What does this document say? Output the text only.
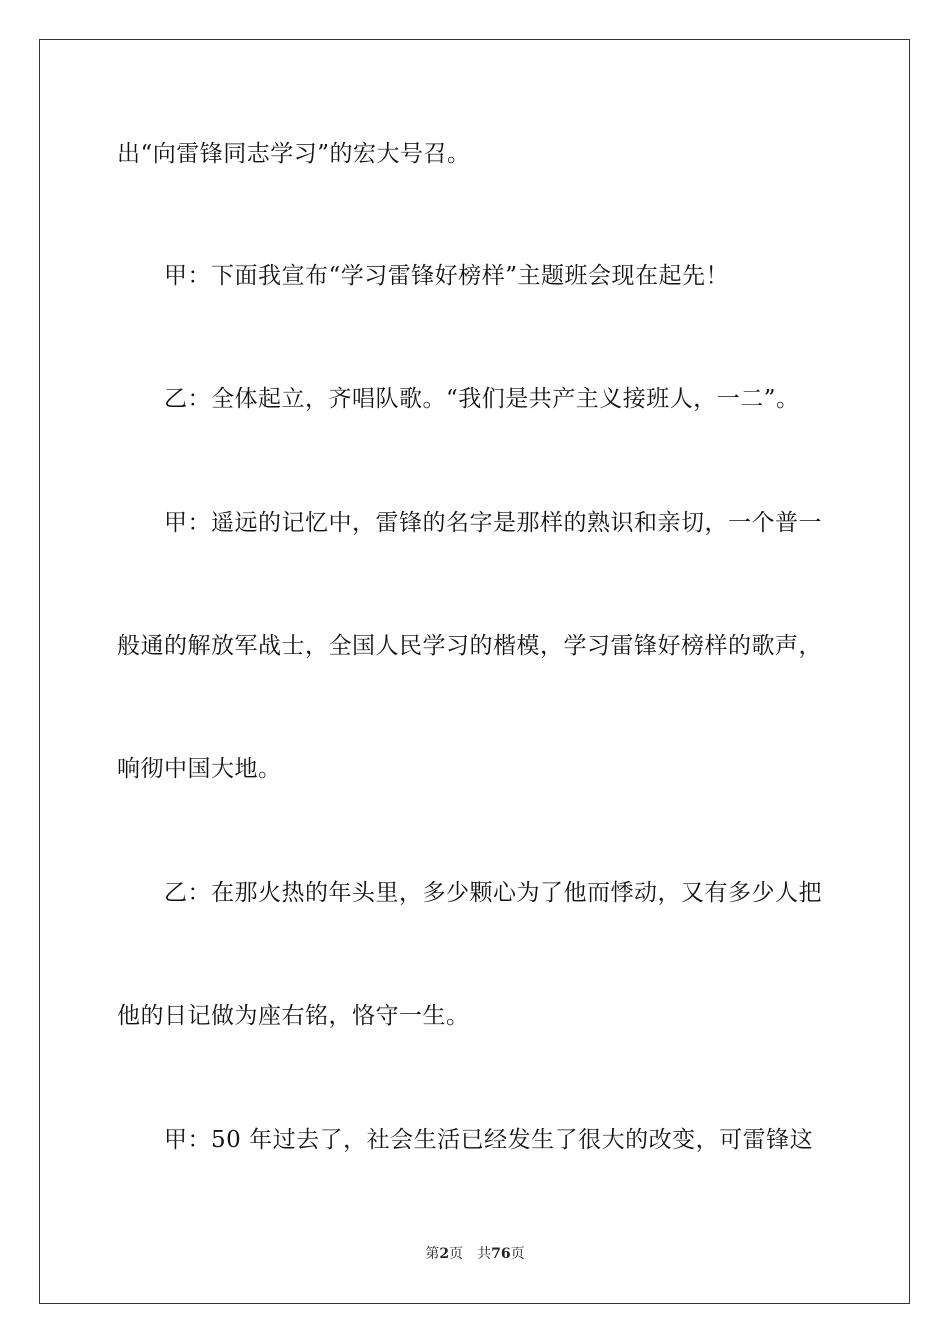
出“向雷锋同志学习”的宏大号召。
甲：下面我宣布“学习雷锋好榜样”主题班会现在起先！
乙：全体起立，齐唱队歌。“我们是共产主义接班人，一二”。
甲：遥远的记忆中，雷锋的名字是那样的熟识和亲切，一个普一
般通的解放军战士，全国人民学习的楷模，学习雷锋好榜样的歌声，
响彻中国大地。
乙：在那火热的年头里，多少颗心为了他而悸动，又有多少人把
他的日记做为座右铭，恪守一生。
甲：50 年过去了，社会生活已经发生了很大的改变，可雷锋这
第2页 共76页
